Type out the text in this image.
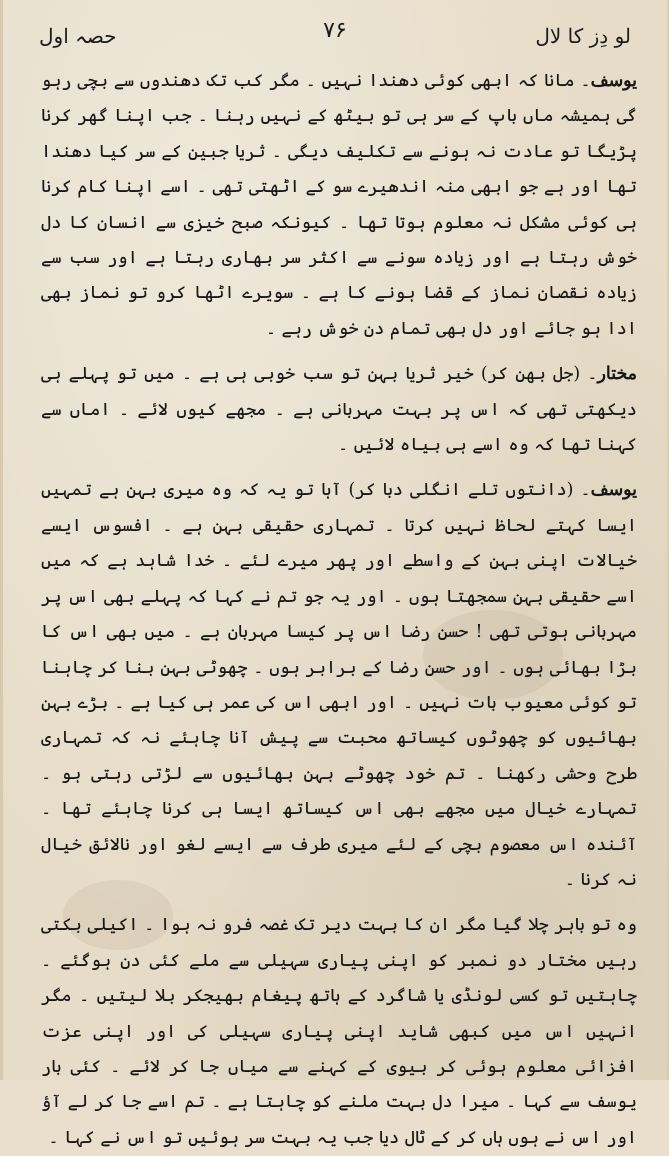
لو دِز کا لال
۷۶
حصہ اول

یوسف۔ مانا کہ ابھی کوئی دھندا نہیں ۔ مگر کب تک دھندوں سے بچی رہو گی ہمیشہ ماں باپ کے سر ہی تو بیٹھ کے نہیں رہنا ۔ جب اپنا گھر کرنا پڑیگا تو عادت نہ ہونے سے تکلیف دیگی ۔ ثریا جبین کے سر کیا دھندا تھا اور ہے جو ابھی منہ اندھیرے سو کے اٹھتی تھی ۔ اسے اپنا کام کرنا ہی کوئی مشکل نہ معلوم ہوتا تھا ۔ کیونکہ صبح خیزی سے انسان کا دل خوش رہتا ہے اور زیادہ سونے سے اکثر سر بھاری رہتا ہے اور سب سے زیادہ نقصان نماز کے قضا ہونے کا ہے ۔ سویرے اٹھا کرو تو نماز بھی ادا ہو جائے اور دل بھی تمام دن خوش رہے ۔

مختار۔ (جل بھن کر) خیر ثریا بہن تو سب خوبی ہی ہے ۔ میں تو پہلے ہی دیکھتی تھی کہ اس پر بہت مہربانی ہے ۔ مجھے کیوں لائے ۔ اماں سے کہنا تھا کہ وہ اسے ہی بیاہ لائیں ۔

یوسف۔ (دانتوں تلے انگلی دبا کر) آہا تو یہ کہ وہ میری بہن ہے تمہیں ایسا کہتے لحاظ نہیں کرتا ۔ تمہاری حقیقی بہن ہے ۔ افسوس ایسے خیالات اپنی بہن کے واسطے اور پھر میرے لئے ۔ خدا شاہد ہے کہ میں اسے حقیقی بہن سمجھتا ہوں ۔ اور یہ جو تم نے کہا کہ پہلے بھی اس پر مہربانی ہوتی تھی ! حسن رضا اس پر کیسا مہربان ہے ۔ میں بھی اس کا بڑا بھائی ہوں ۔ اور حسن رضا کے برابر ہوں ۔ چھوٹی بہن بنا کر چاہنا تو کوئی معیوب بات نہیں ۔ اور ابھی اس کی عمر ہی کیا ہے ۔ بڑے بہن بھائیوں کو چھوٹوں کیساتھ محبت سے پیش آنا چاہئے نہ کہ تمہاری طرح وحشی رکھنا ۔ تم خود چھوٹے بہن بھائیوں سے لڑتی رہتی ہو ۔ تمہارے خیال میں مجھے بھی اس کیساتھ ایسا ہی کرنا چاہئے تھا ۔ آئندہ اس معصوم بچی کے لئے میری طرف سے ایسے لغو اور نالائق خیال نہ کرنا ۔

وہ تو باہر چلا گیا مگر ان کا بہت دیر تک غصہ فرو نہ ہوا ۔ اکیلی بکتی رہیں مختار دو نمبر کو اپنی پیاری سہیلی سے ملے کئی دن ہوگئے ۔ چاہتیں تو کسی لونڈی یا شاگرد کے ہاتھ پیغام بھیجکر بلا لیتیں ۔ مگر انہیں اس میں کبھی شاید اپنی پیاری سہیلی کی اور اپنی عزت افزائی معلوم ہوئی کر بیوی کے کہنے سے میاں جا کر لائے ۔ کئی بار یوسف سے کہا ۔ میرا دل بہت ملنے کو چاہتا ہے ۔ تم اسے جا کر لے آؤ اور اس نے ہوں ہاں کر کے ٹال دیا جب یہ بہت سر ہوئیں تو اس نے کہا ۔
